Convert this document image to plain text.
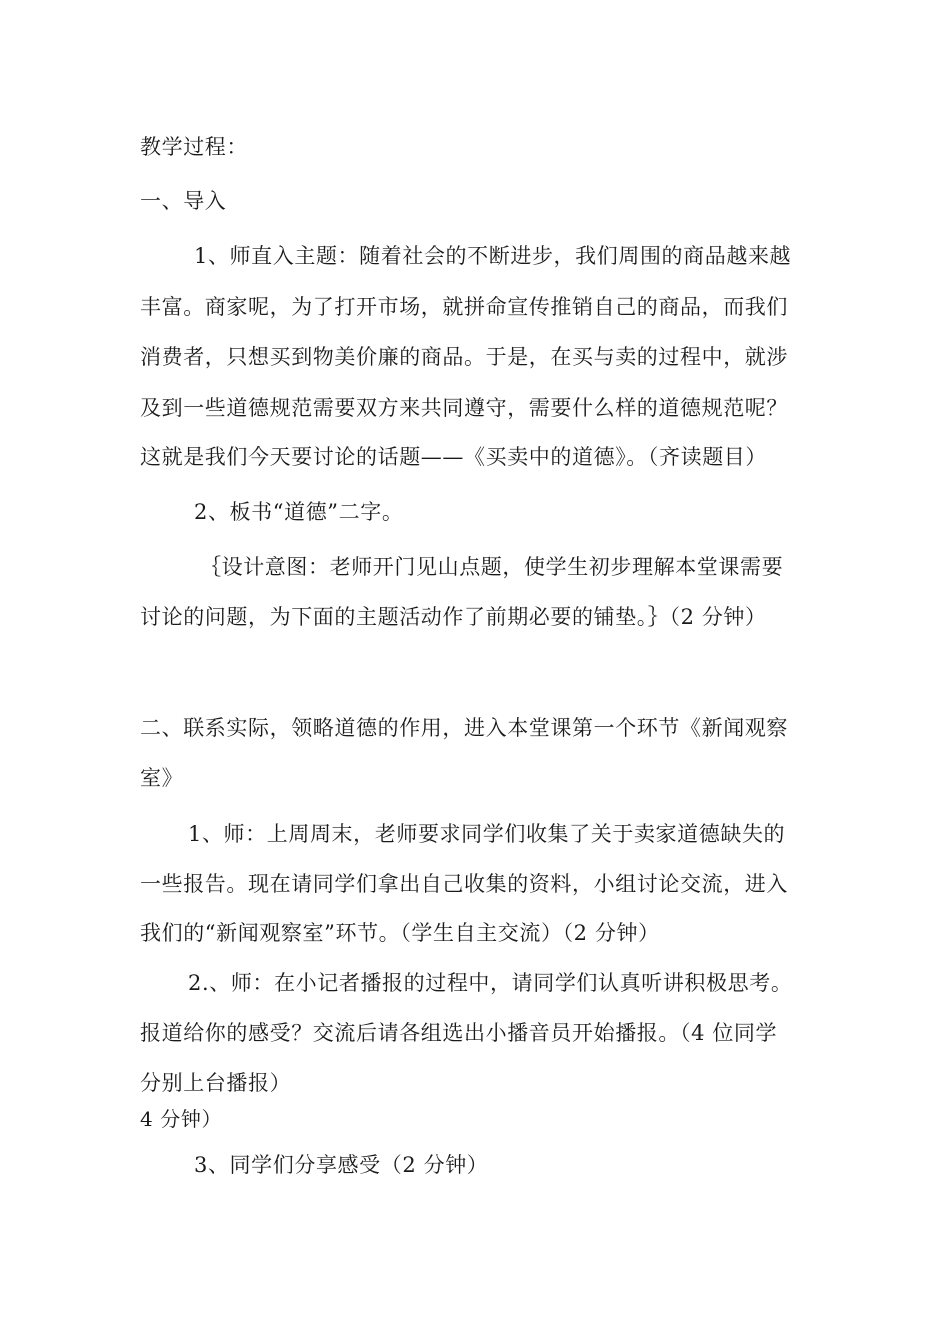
教学过程：
一、导入
1、师直入主题：随着社会的不断进步，我们周围的商品越来越
丰富。商家呢，为了打开市场，就拼命宣传推销自己的商品，而我们
消费者，只想买到物美价廉的商品。于是，在买与卖的过程中，就涉
及到一些道德规范需要双方来共同遵守，需要什么样的道德规范呢？
这就是我们今天要讨论的话题——《买卖中的道德》。（齐读题目）
2、板书“道德”二字。
｛设计意图：老师开门见山点题，使学生初步理解本堂课需要
讨论的问题，为下面的主题活动作了前期必要的铺垫。｝（2 分钟）
二、联系实际，领略道德的作用，进入本堂课第一个环节《新闻观察
室》
1、师：上周周末，老师要求同学们收集了关于卖家道德缺失的
一些报告。现在请同学们拿出自己收集的资料，小组讨论交流，进入
我们的“新闻观察室”环节。（学生自主交流）（2 分钟）
2.、师：在小记者播报的过程中，请同学们认真听讲积极思考。
报道给你的感受？交流后请各组选出小播音员开始播报。（4 位同学
分别上台播报）
4 分钟）
3、同学们分享感受（2 分钟）
